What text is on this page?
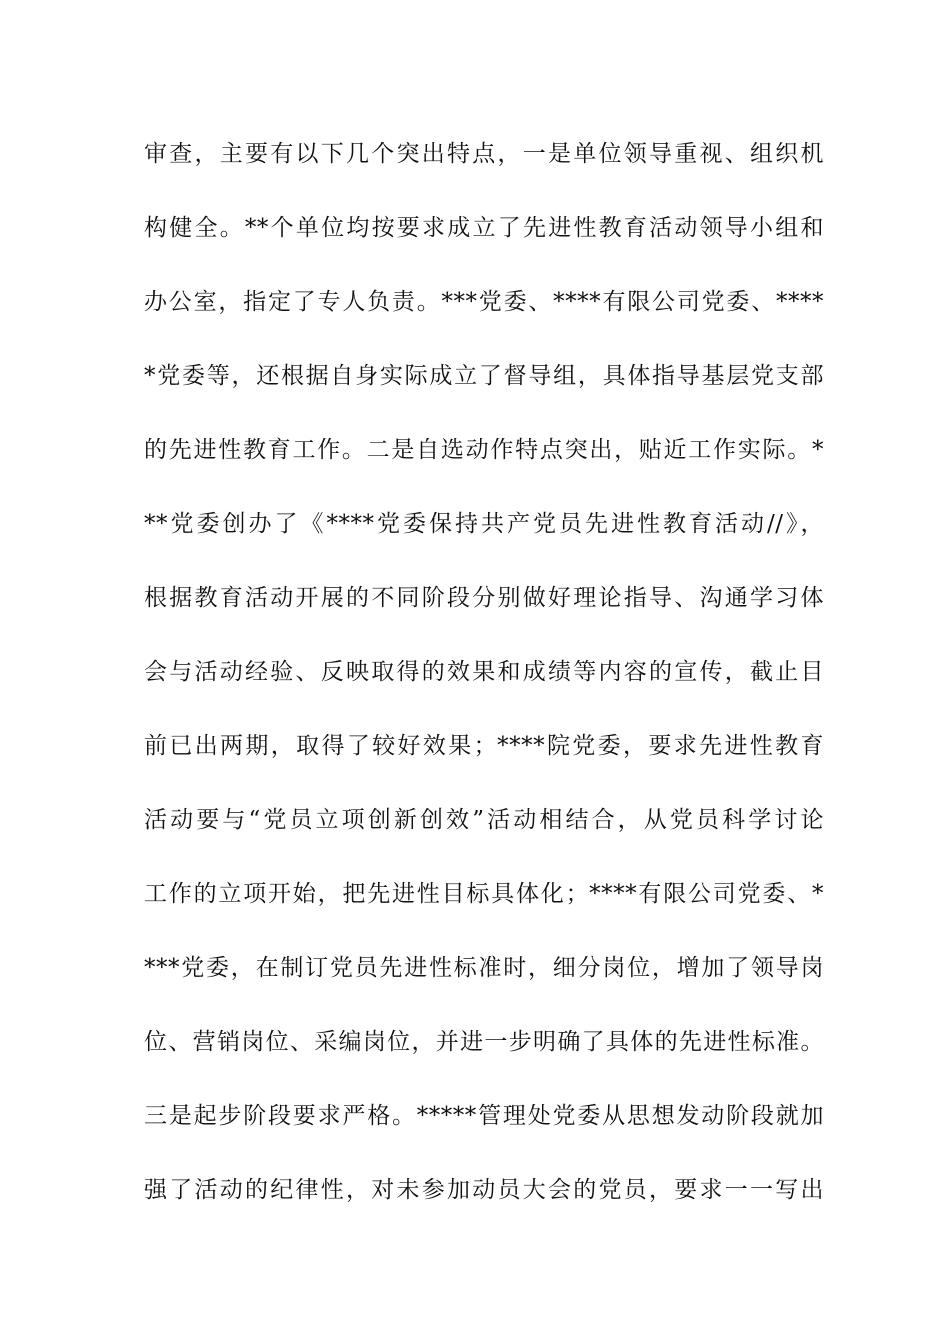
审查，主要有以下几个突出特点，一是单位领导重视、组织机
构健全。**个单位均按要求成立了先进性教育活动领导小组和
办公室，指定了专人负责。***党委、****有限公司党委、****
*党委等，还根据自身实际成立了督导组，具体指导基层党支部
的先进性教育工作。二是自选动作特点突出，贴近工作实际。*
**党委创办了《****党委保持共产党员先进性教育活动//》，
根据教育活动开展的不同阶段分别做好理论指导、沟通学习体
会与活动经验、反映取得的效果和成绩等内容的宣传，截止目
前已出两期，取得了较好效果；****院党委，要求先进性教育
活动要与“党员立项创新创效”活动相结合，从党员科学讨论
工作的立项开始，把先进性目标具体化；****有限公司党委、*
***党委，在制订党员先进性标准时，细分岗位，增加了领导岗
位、营销岗位、采编岗位，并进一步明确了具体的先进性标准。
三是起步阶段要求严格。*****管理处党委从思想发动阶段就加
强了活动的纪律性，对未参加动员大会的党员，要求一一写出
